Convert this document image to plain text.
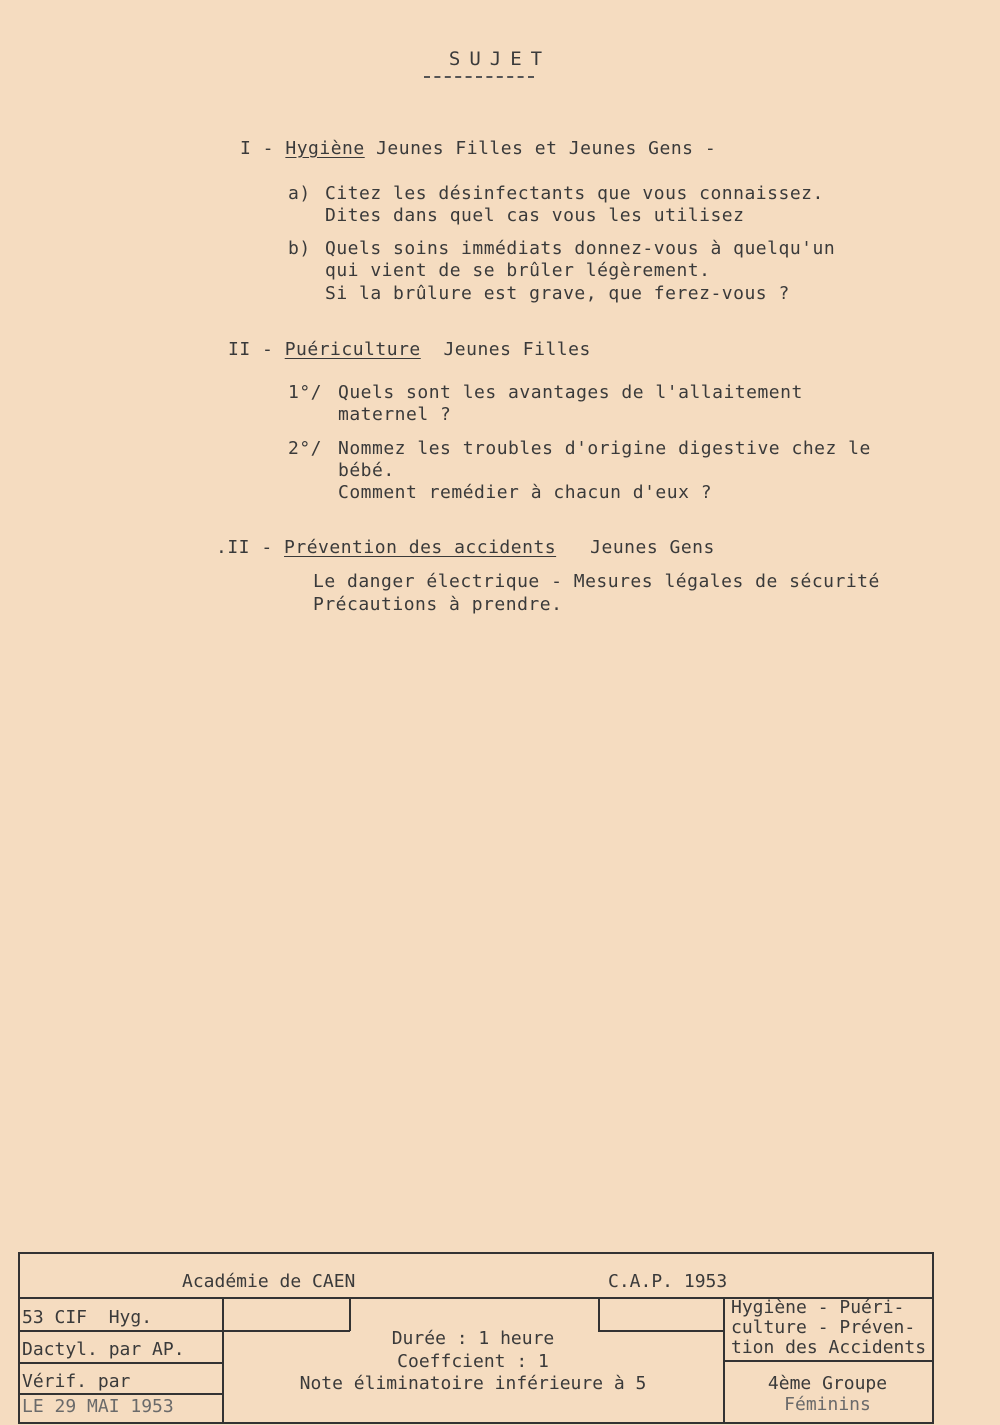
SUJET
I - Hygiène Jeunes Filles et Jeunes Gens -
a) Citez les désinfectants que vous connaissez.
Dites dans quel cas vous les utilisez
b) Quels soins immédiats donnez-vous à quelqu'un
qui vient de se brûler légèrement.
Si la brûlure est grave, que ferez-vous ?
II - Puériculture Jeunes Filles
1°/ Quels sont les avantages de l'allaitement
maternel ?
2°/ Nommez les troubles d'origine digestive chez le
bébé.
Comment remédier à chacun d'eux ?
.II - Prévention des accidents Jeunes Gens
Le danger électrique - Mesures légales de sécurité
Précautions à prendre.
Académie de CAEN	C.A.P. 1953
53 CIF  Hyg.
Dactyl. par AP.
Vérif. par
LE 29 MAI 1953
Durée : 1 heure
Coeffcient : 1
Note éliminatoire inférieure à 5
Hygiène - Puéri-
culture - Préven-
tion des Accidents
4ème Groupe
Féminins
